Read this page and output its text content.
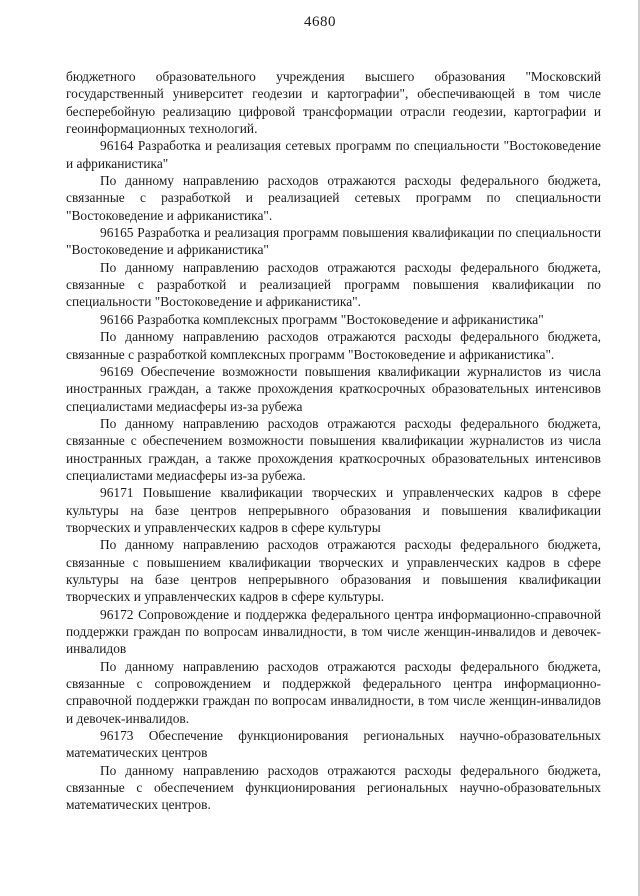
4680

бюджетного образовательного учреждения высшего образования "Московский государственный университет геодезии и картографии", обеспечивающей в том числе бесперебойную реализацию цифровой трансформации отрасли геодезии, картографии и геоинформационных технологий.

96164 Разработка и реализация сетевых программ по специальности "Востоковедение и африканистика"

По данному направлению расходов отражаются расходы федерального бюджета, связанные с разработкой и реализацией сетевых программ по специальности "Востоковедение и африканистика".

96165 Разработка и реализация программ повышения квалификации по специальности "Востоковедение и африканистика"

По данному направлению расходов отражаются расходы федерального бюджета, связанные с разработкой и реализацией программ повышения квалификации по специальности "Востоковедение и африканистика".

96166 Разработка комплексных программ "Востоковедение и африканистика"

По данному направлению расходов отражаются расходы федерального бюджета, связанные с разработкой комплексных программ "Востоковедение и африканистика".

96169 Обеспечение возможности повышения квалификации журналистов из числа иностранных граждан, а также прохождения краткосрочных образовательных интенсивов специалистами медиасферы из-за рубежа

По данному направлению расходов отражаются расходы федерального бюджета, связанные с обеспечением возможности повышения квалификации журналистов из числа иностранных граждан, а также прохождения краткосрочных образовательных интенсивов специалистами медиасферы из-за рубежа.

96171 Повышение квалификации творческих и управленческих кадров в сфере культуры на базе центров непрерывного образования и повышения квалификации творческих и управленческих кадров в сфере культуры

По данному направлению расходов отражаются расходы федерального бюджета, связанные с повышением квалификации творческих и управленческих кадров в сфере культуры на базе центров непрерывного образования и повышения квалификации творческих и управленческих кадров в сфере культуры.

96172 Сопровождение и поддержка федерального центра информационно-справочной поддержки граждан по вопросам инвалидности, в том числе женщин-инвалидов и девочек-инвалидов

По данному направлению расходов отражаются расходы федерального бюджета, связанные с сопровождением и поддержкой федерального центра информационно-справочной поддержки граждан по вопросам инвалидности, в том числе женщин-инвалидов и девочек-инвалидов.

96173 Обеспечение функционирования региональных научно-образовательных математических центров

По данному направлению расходов отражаются расходы федерального бюджета, связанные с обеспечением функционирования региональных научно-образовательных математических центров.
